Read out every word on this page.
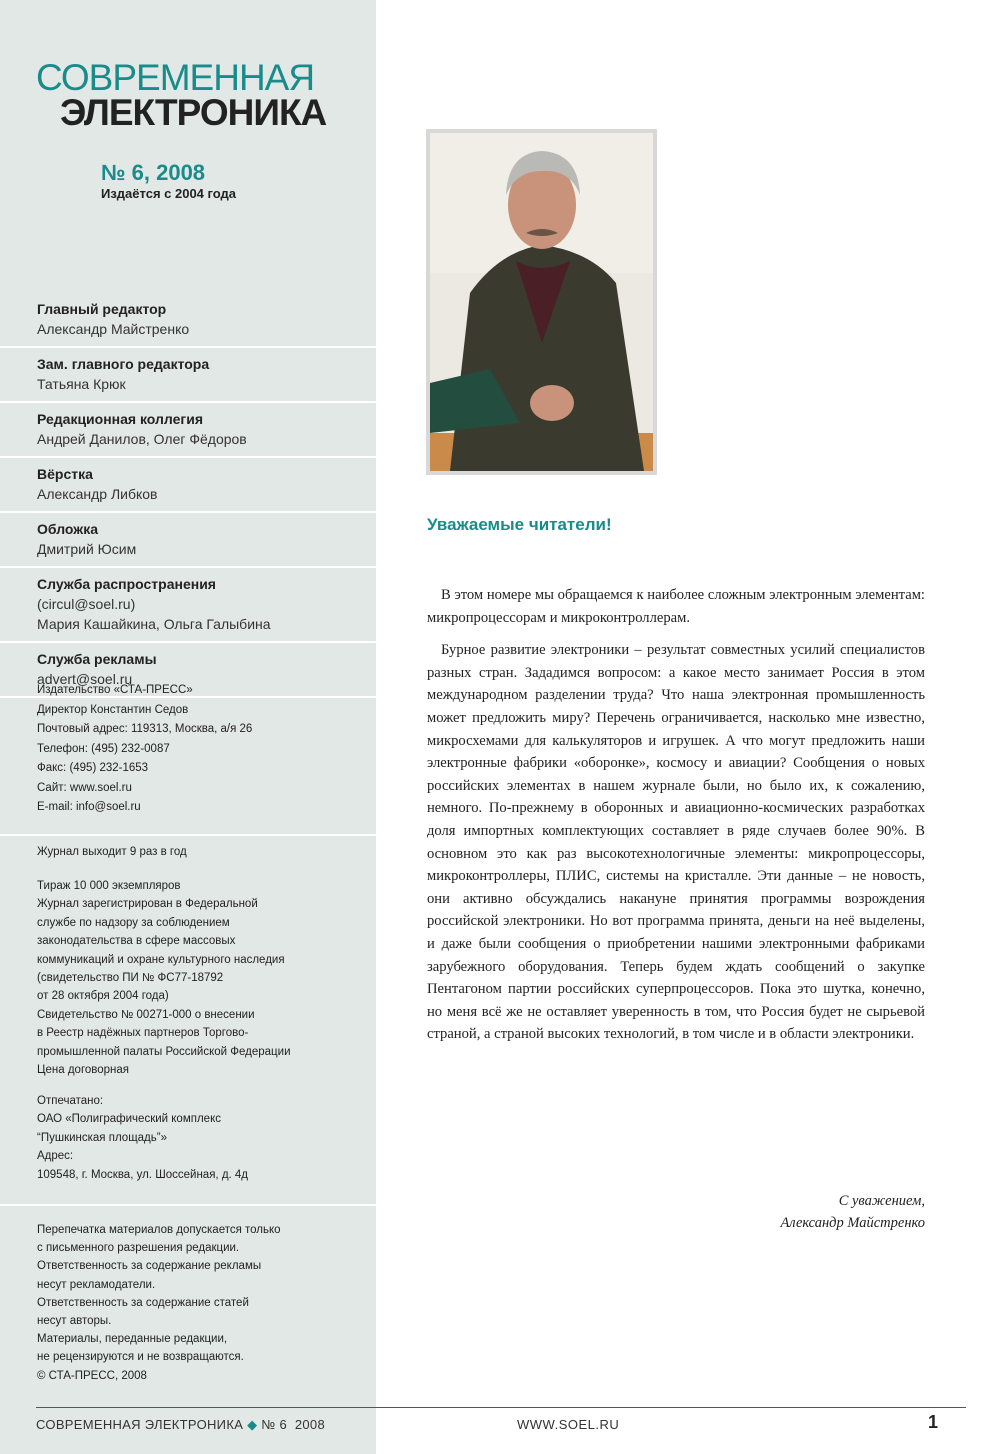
СОВРЕМЕННАЯ
ЭЛЕКТРОНИКА
№ 6, 2008
Издаётся с 2004 года
Главный редактор
Александр Майстренко
Зам. главного редактора
Татьяна Крюк
Редакционная коллегия
Андрей Данилов, Олег Фёдоров
Вёрстка
Александр Либков
Обложка
Дмитрий Юсим
Служба распространения
(circul@soel.ru)
Мария Кашайкина, Ольга Галыбина
Служба рекламы
advert@soel.ru
Издательство «СТА-ПРЕСС»
Директор Константин Седов
Почтовый адрес: 119313, Москва, а/я 26
Телефон: (495) 232-0087
Факс: (495) 232-1653
Сайт: www.soel.ru
E-mail: info@soel.ru
Журнал выходит 9 раз в год
Тираж 10 000 экземпляров
Журнал зарегистрирован в Федеральной
службе по надзору за соблюдением
законодательства в сфере массовых
коммуникаций и охране культурного наследия
(свидетельство ПИ № ФС77-18792
от 28 октября 2004 года)
Свидетельство № 00271-000 о внесении
в Реестр надёжных партнеров Торгово-
промышленной палаты Российской Федерации
Цена договорная
Отпечатано:
ОАО «Полиграфический комплекс
“Пушкинская площадь”»
Адрес:
109548, г. Москва, ул. Шоссейная, д. 4д
Перепечатка материалов допускается только
с письменного разрешения редакции.
Ответственность за содержание рекламы
несут рекламодатели.
Ответственность за содержание статей
несут авторы.
Материалы, переданные редакции,
не рецензируются и не возвращаются.
© СТА-ПРЕСС, 2008
Уважаемые читатели!

В этом номере мы обращаемся к наиболее сложным электронным элементам: микропроцессорам и микроконтроллерам.

Бурное развитие электроники – результат совместных усилий специалистов разных стран. Зададимся вопросом: а какое место занимает Россия в этом международном разделении труда? Что наша электронная промышленность может предложить миру? Перечень ограничивается, насколько мне известно, микросхемами для калькуляторов и игрушек. А что могут предложить наши электронные фабрики «оборонке», космосу и авиации? Сообщения о новых российских элементах в нашем журнале были, но было их, к сожалению, немного. По-прежнему в оборонных и авиационно-космических разработках доля импортных комплектующих составляет в ряде случаев более 90%. В основном это как раз высокотехнологичные элементы: микропроцессоры, микроконтроллеры, ПЛИС, системы на кристалле. Эти данные – не новость, они активно обсуждались накануне принятия программы возрождения российской электроники. Но вот программа принята, деньги на неё выделены, и даже были сообщения о приобретении нашими электронными фабриками зарубежного оборудования. Теперь будем ждать сообщений о закупке Пентагоном партии российских суперпроцессоров. Пока это шутка, конечно, но меня всё же не оставляет уверенность в том, что Россия будет не сырьевой страной, а страной высоких технологий, в том числе и в области электроники.

С уважением,
Александр Майстренко
СОВРЕМЕННАЯ ЭЛЕКТРОНИКА ◆ № 6  2008	WWW.SOEL.RU	1
